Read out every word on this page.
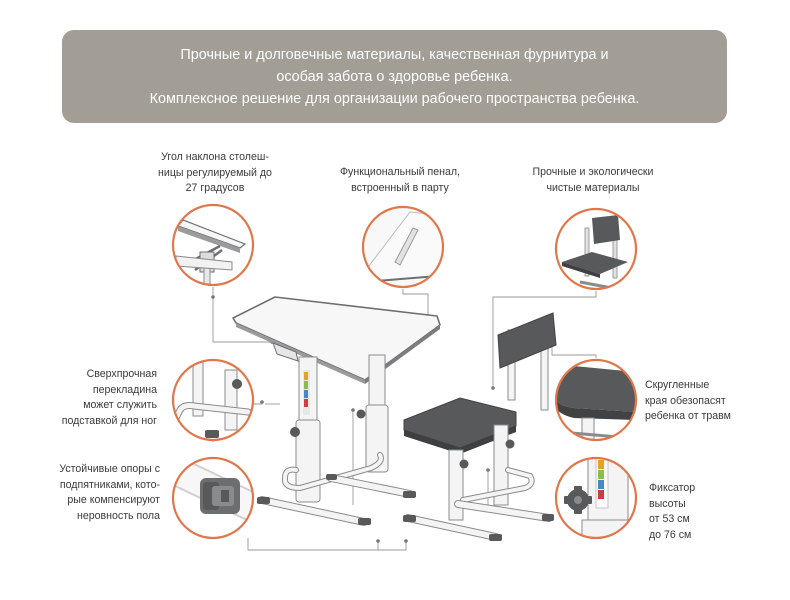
Прочные и долговечные материалы, качественная фурнитура и
особая забота о здоровье ребенка.
Комплексное решение для организации рабочего пространства ребенка.
Угол наклона столеш-
ницы регулируемый до
27 градусов
Функциональный пенал,
встроенный в парту
Прочные и экологически
чистые материалы
Сверхпрочная
перекладина
может служить
подставкой для ног
Скругленные
края обезопасят
ребенка от травм
Устойчивые опоры с
подпятниками, кото-
рые компенсируют
неровность пола
Фиксатор
высоты
от 53 см
до 76 см
